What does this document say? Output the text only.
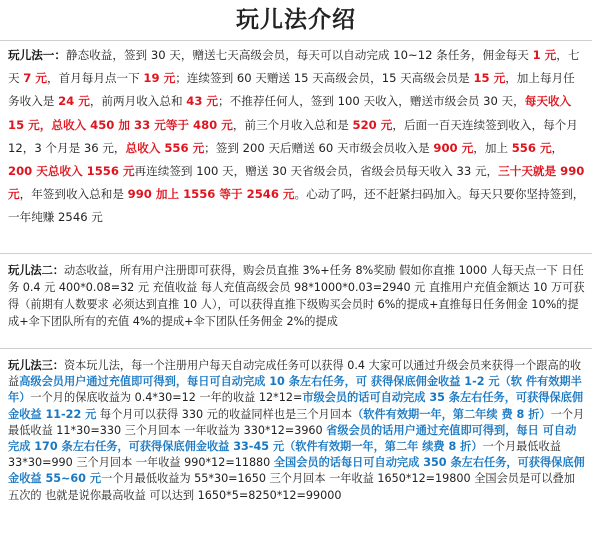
玩儿法介绍
玩儿法一：静态收益，签到 30 天，赠送七天高级会员，每天可以自动完成 10~12 条任务，佣金每天 1 元，七天 7 元，首月每月点一下 19 元；连续签到 60 天赠送 15 天高级会员，15 天高级会员是 15 元，加上每月任务收入是 24 元，前两月收入总和 43 元；不推荐任何人，签到 100 天收入，赠送市级会员 30 天，每天收入 15 元，总收入 450 加 33 元等于 480 元，前三个月收入总和是 520 元，后面一百天连续签到收入，每个月 12，3 个月是 36 元，总收入 556 元；签到 200 天后赠送 60 天市级会员收入是 900 元，加上 556 元，200 天总收入 1556 元再连续签到 100 天，赠送 30 天省级会员，省级会员每天收入 33 元，三十天就是 990 元，年签到收入总和是 990 加上 1556 等于 2546 元。心动了吗，还不赶紧扫码加入。每天只要你坚持签到，一年纯赚 2546 元
玩儿法二：动态收益，所有用户注册即可获得，购会员直推 3%+任务 8%奖励 假如你直推 1000 人每天点一下 日任务 0.4 元 400*0.08=32 元 充值收益 每人充值高级会员 98*1000*0.03=2940 元 直推用户充值金额达 10 万可获得（前期有人数要求 必须达到直推 10 人），可以获得直推下级购买会员时 6%的提成+直推每日任务佣金 10%的提成+伞下团队所有的充值 4%的提成+伞下团队任务佣金 2%的提成
玩儿法三：资本玩儿法，每一个注册用户每天自动完成任务可以获得 0.4 大家可以通过升级会员来获得一个跟高的收益高级会员用户通过充值即可得到，每日可自动完成 10 条左右任务，可 获得保底佣金收益 1-2 元（软 件有效期半年）一个月的保底收益为 0.4*30=12 一年的收益 12*12=市级会员的话可自动完成 35 条左右任务，可获得保底佣金收益 11-22 元 每个月可以获得 330 元的收益同样也是三个月回本（软件有效期一年，第二年续 费 8 折）一个月最低收益 11*30=330 三个月回本 一年收益为 330*12=3960 省级会员的话用户通过充值即可得到，每日 可自动完成 170 条左右任务，可获得保底佣金收益 33-45 元（软件有效期一年，第二年 续费 8 折）一个月最低收益 33*30=990 三个月回本 一年收益 990*12=11880 全国会员的话每日可自动完成 350 条左右任务，可获得保底佣金收益 55~60 元一个月最低收益为 55*30=1650 三个月回本 一年收益 1650*12=19800 全国会员是可以叠加五次的 也就是说你最高收益 可以达到 1650*5=8250*12=99000
